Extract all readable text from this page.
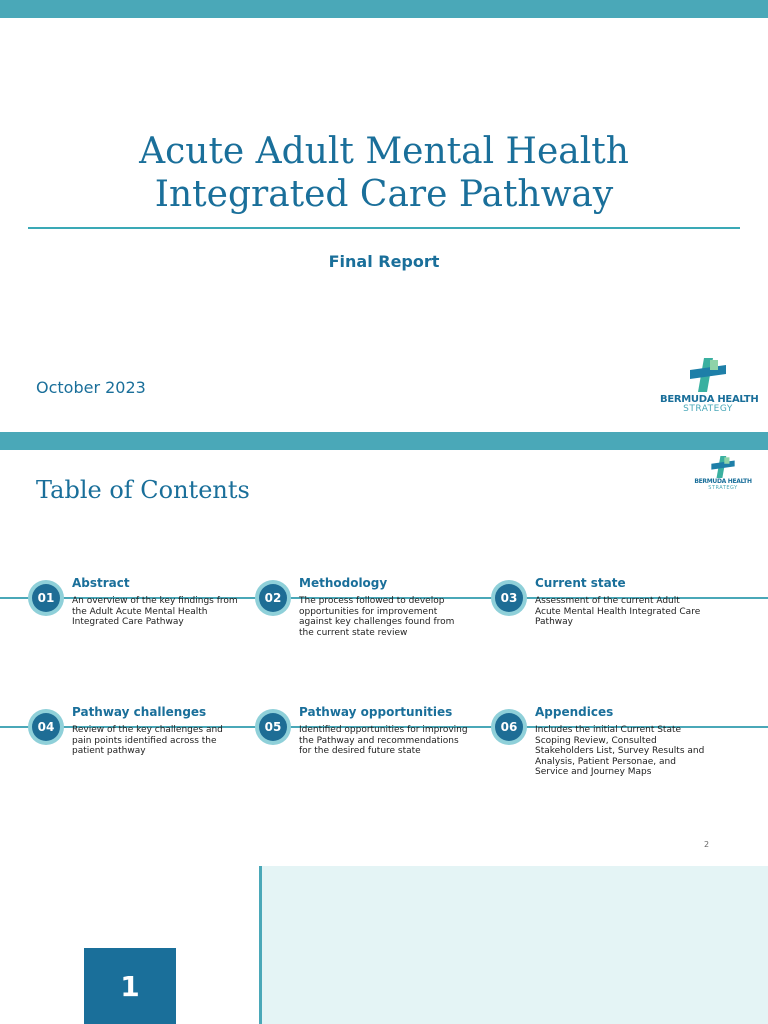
Acute Adult Mental Health
Integrated Care Pathway
Final Report
October 2023
BERMUDA HEALTH
STRATEGY
Table of Contents	BERMUDA HEALTH
STRATEGY
01
Abstract
An overview of the key findings from the Adult Acute Mental Health Integrated Care Pathway
02
Methodology
The process followed to develop opportunities for improvement against key challenges found from the current state review
03
Current state
Assessment of the current Adult Acute Mental Health Integrated Care Pathway
04
Pathway challenges
Review of the key challenges and pain points identified across the patient pathway
05
Pathway opportunities
Identified opportunities for improving the Pathway and recommendations for the desired future state
06
Appendices
Includes the initial Current State Scoping Review, Consulted Stakeholders List, Survey Results and Analysis, Patient Personae, and Service and Journey Maps
2
1
